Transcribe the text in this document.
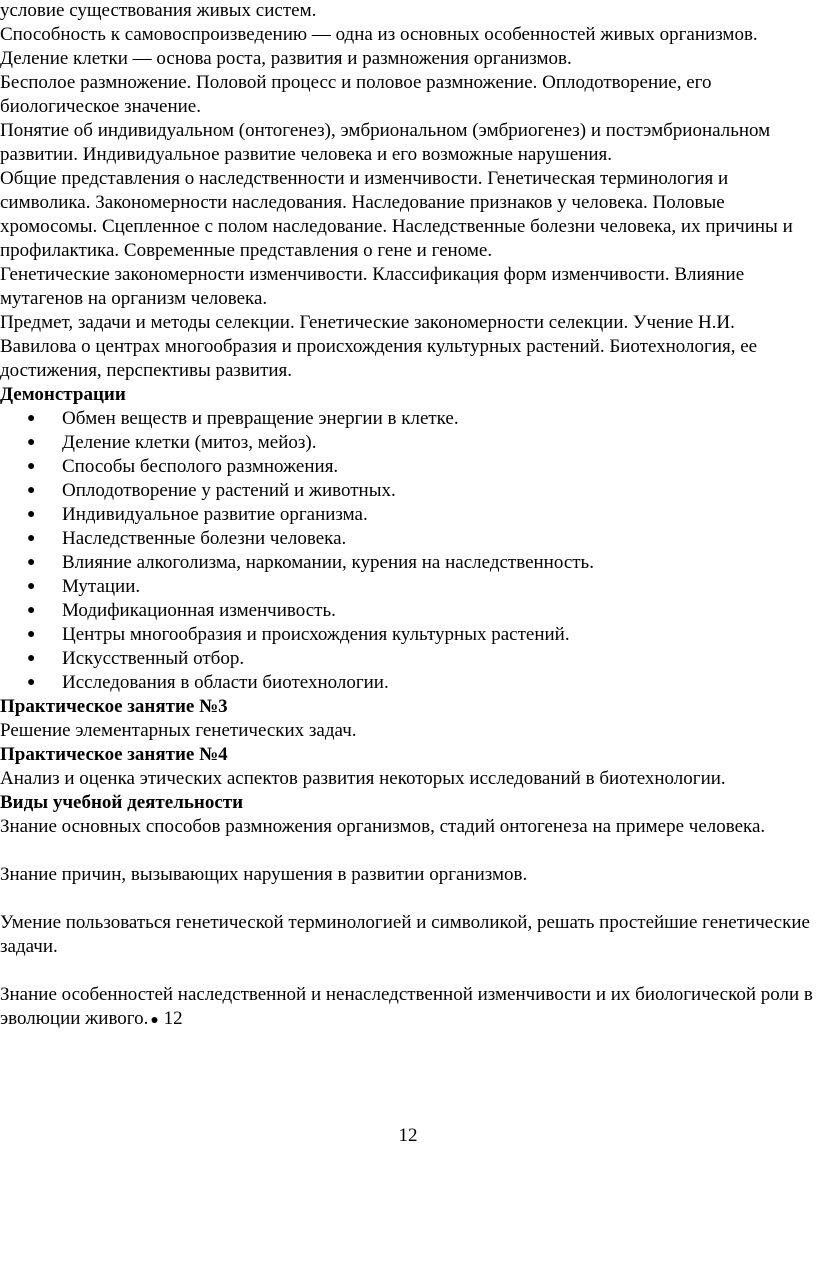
условие существования живых систем.

Способность к самовоспроизведению — одна из основных особенностей живых организмов. Деление клетки — основа роста, развития и размножения организмов.

Бесполое размножение. Половой процесс и половое размножение. Оплодотворение, его биологическое значение.

Понятие об индивидуальном (онтогенез), эмбриональном (эмбриогенез) и постэмбриональном развитии. Индивидуальное развитие человека и его возможные нарушения.

Общие представления о наследственности и изменчивости. Генетическая терминология и символика. Закономерности наследования. Наследование признаков у человека. Половые хромосомы. Сцепленное с полом наследование. Наследственные болезни человека, их причины и профилактика. Современные представления о гене и геноме.

Генетические закономерности изменчивости. Классификация форм изменчивости. Влияние мутагенов на организм человека.

Предмет, задачи и методы селекции. Генетические закономерности селекции. Учение Н.И. Вавилова о центрах многообразия и происхождения культурных растений. Биотехнология, ее достижения, перспективы развития.

Демонстрации

● Обмен веществ и превращение энергии в клетке.
● Деление клетки (митоз, мейоз).
● Способы бесполого размножения.
● Оплодотворение у растений и животных.
● Индивидуальное развитие организма.
● Наследственные болезни человека.
● Влияние алкоголизма, наркомании, курения на наследственность.
● Мутации.
● Модификационная изменчивость.
● Центры многообразия и происхождения культурных растений.
● Искусственный отбор.
● Исследования в области биотехнологии.

Практическое занятие №3

Решение элементарных генетических задач.

Практическое занятие №4

Анализ и оценка этических аспектов развития некоторых исследований в биотехнологии.

Виды учебной деятельности

Знание основных способов размножения организмов, стадий онтогенеза на примере человека.

Знание причин, вызывающих нарушения в развитии организмов.

Умение пользоваться генетической терминологией и символикой, решать простейшие генетические задачи.

Знание особенностей наследственной и ненаследственной изменчивости и их биологической роли в эволюции живого. ● 12

12
